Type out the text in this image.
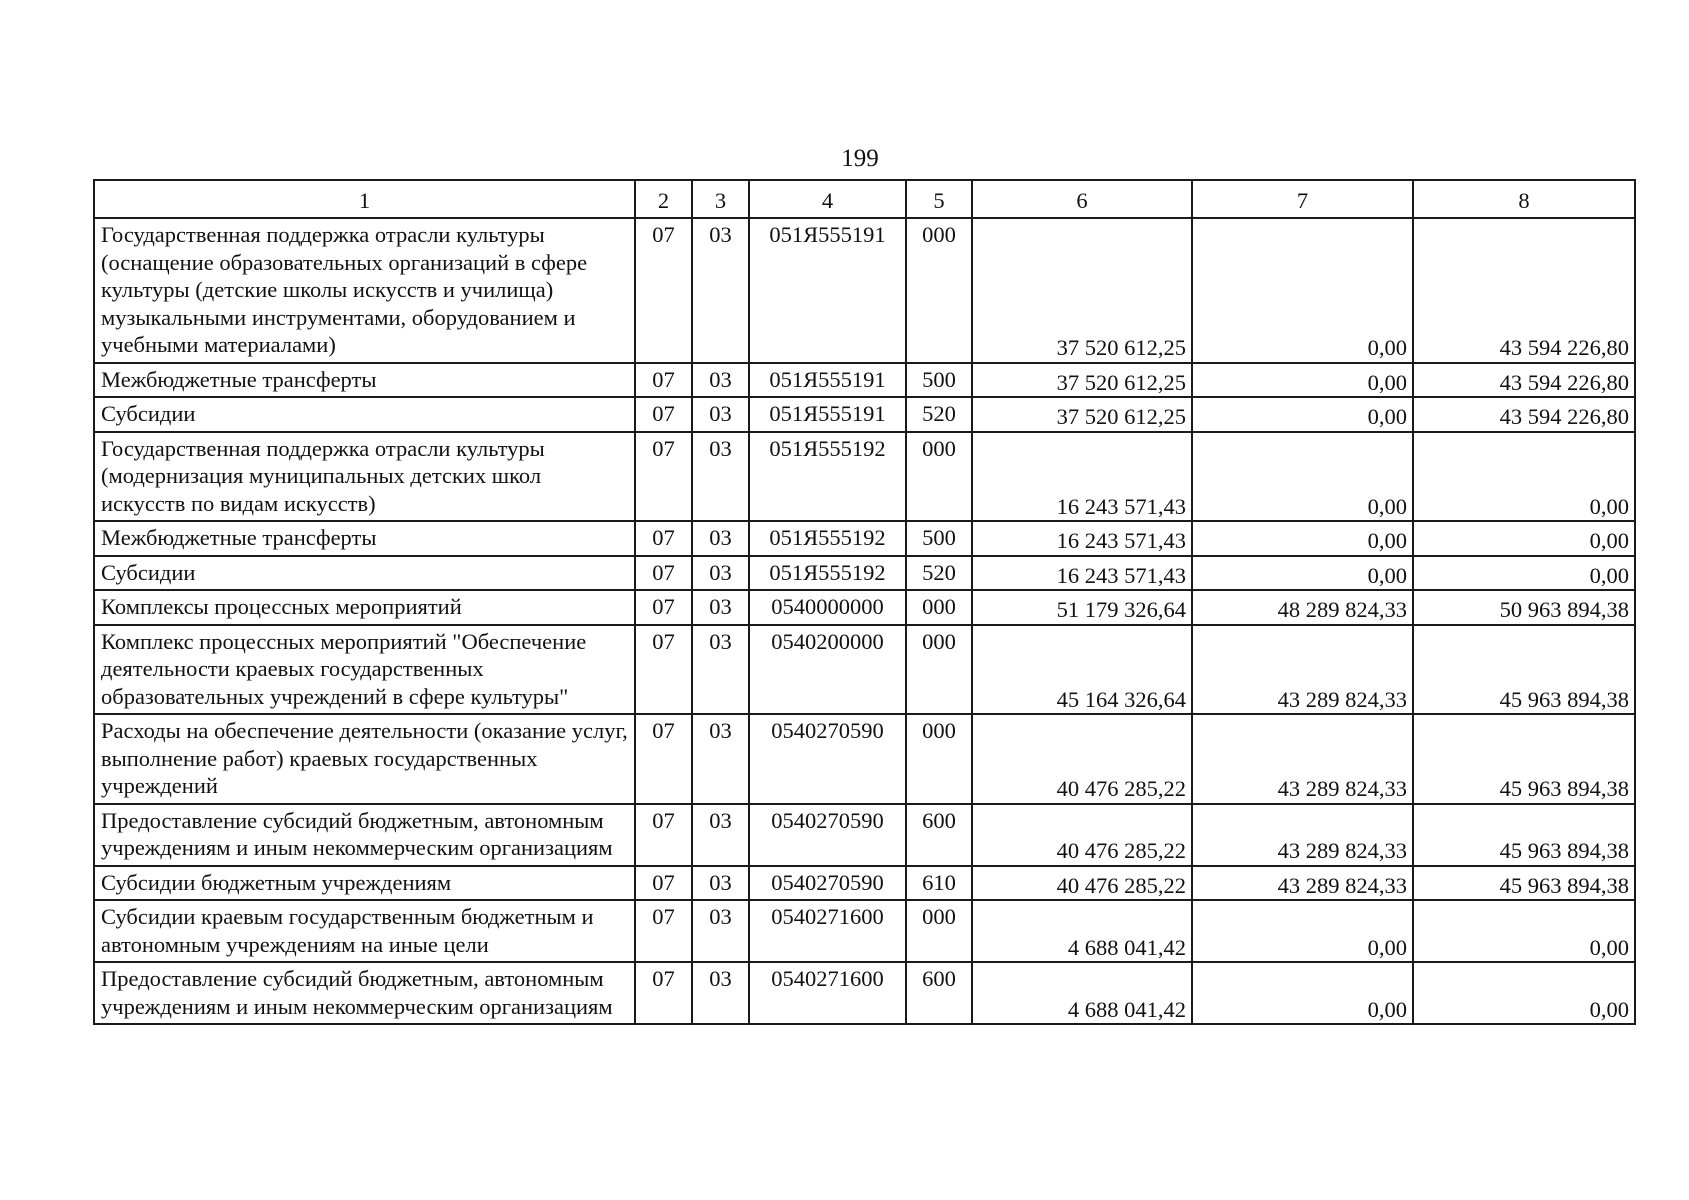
199
1	2	3	4	5	6	7	8
Государственная поддержка отрасли культуры (оснащение образовательных организаций в сфере культуры (детские школы искусств и училища) музыкальными инструментами, оборудованием и учебными материалами)	07	03	051Я555191	000	37 520 612,25	0,00	43 594 226,80
Межбюджетные трансферты	07	03	051Я555191	500	37 520 612,25	0,00	43 594 226,80
Субсидии	07	03	051Я555191	520	37 520 612,25	0,00	43 594 226,80
Государственная поддержка отрасли культуры (модернизация муниципальных детских школ искусств по видам искусств)	07	03	051Я555192	000	16 243 571,43	0,00	0,00
Межбюджетные трансферты	07	03	051Я555192	500	16 243 571,43	0,00	0,00
Субсидии	07	03	051Я555192	520	16 243 571,43	0,00	0,00
Комплексы процессных мероприятий	07	03	0540000000	000	51 179 326,64	48 289 824,33	50 963 894,38
Комплекс процессных мероприятий "Обеспечение деятельности краевых государственных образовательных учреждений в сфере культуры"	07	03	0540200000	000	45 164 326,64	43 289 824,33	45 963 894,38
Расходы на обеспечение деятельности (оказание услуг, выполнение работ) краевых государственных учреждений	07	03	0540270590	000	40 476 285,22	43 289 824,33	45 963 894,38
Предоставление субсидий бюджетным, автономным учреждениям и иным некоммерческим организациям	07	03	0540270590	600	40 476 285,22	43 289 824,33	45 963 894,38
Субсидии бюджетным учреждениям	07	03	0540270590	610	40 476 285,22	43 289 824,33	45 963 894,38
Субсидии краевым государственным бюджетным и автономным учреждениям на иные цели	07	03	0540271600	000	4 688 041,42	0,00	0,00
Предоставление субсидий бюджетным, автономным учреждениям и иным некоммерческим организациям	07	03	0540271600	600	4 688 041,42	0,00	0,00
